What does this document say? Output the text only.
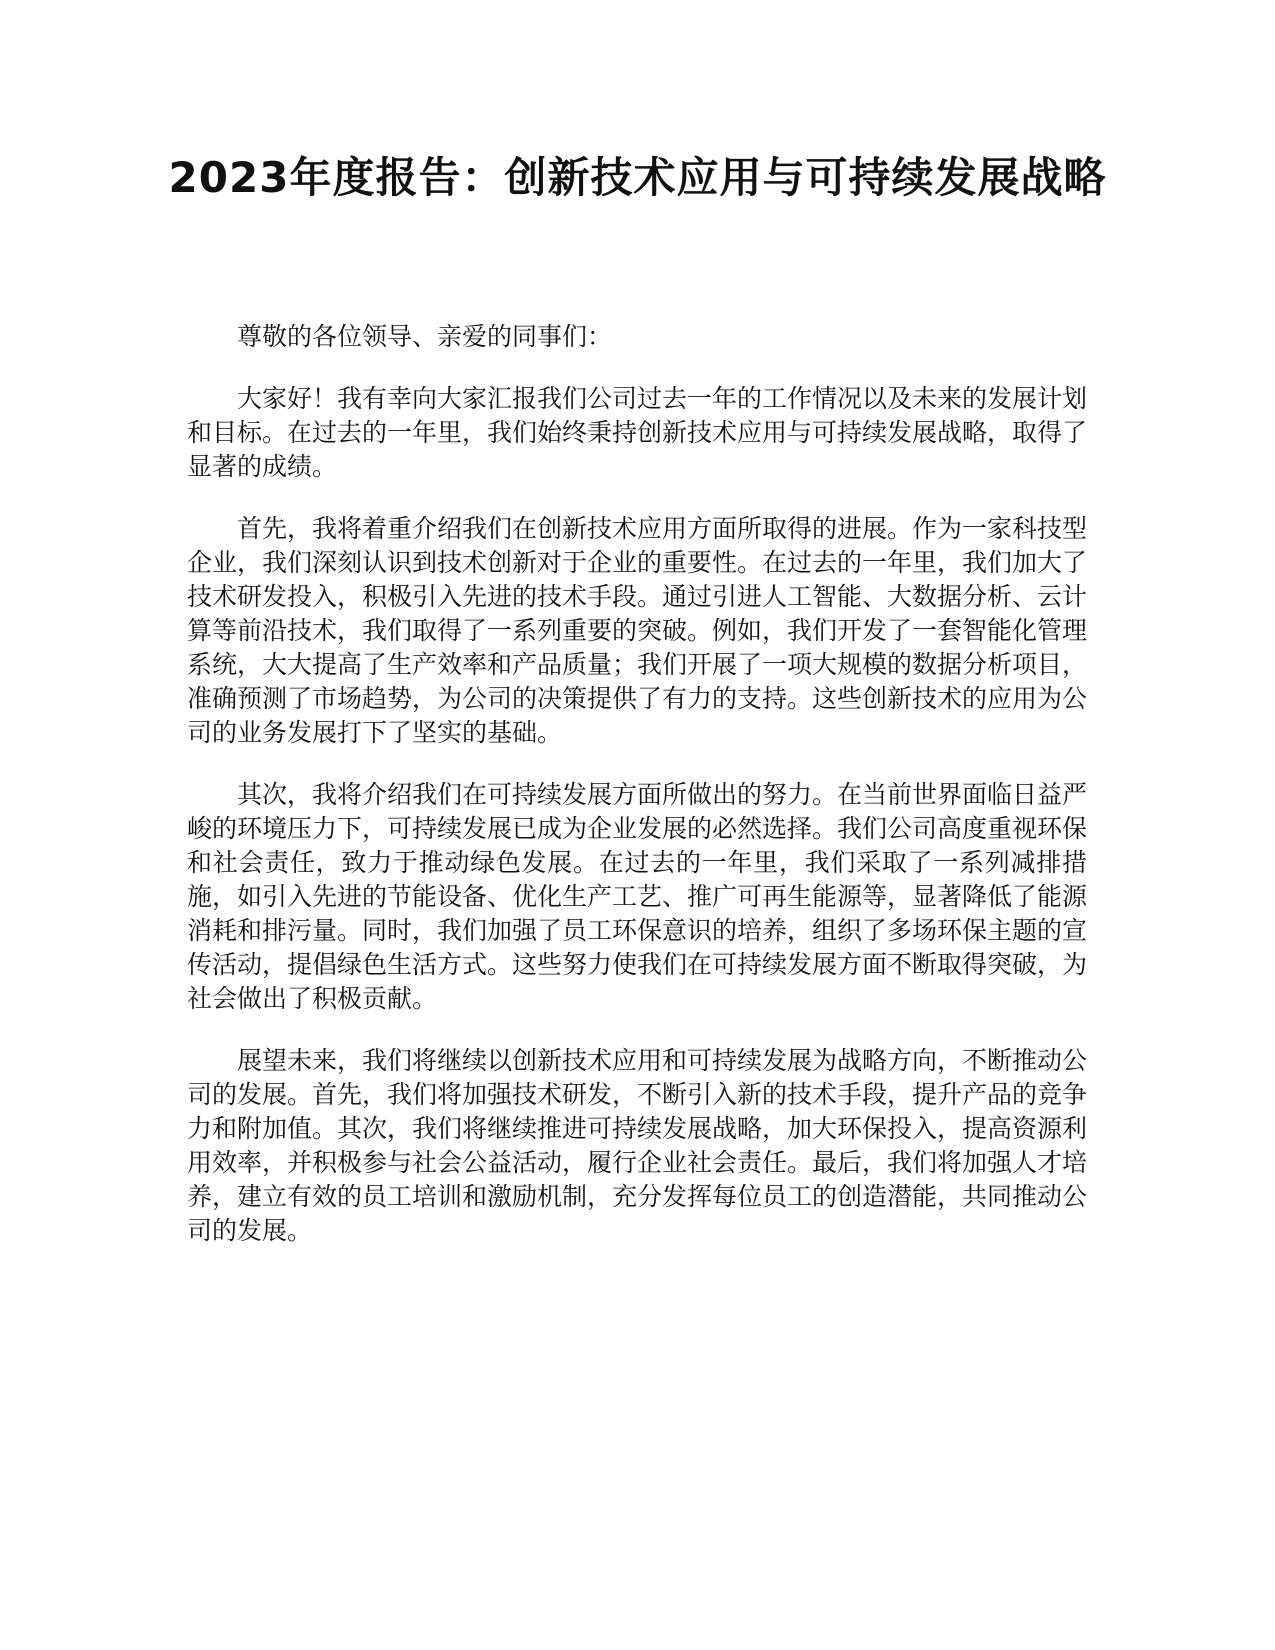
2023年度报告：创新技术应用与可持续发展战略

尊敬的各位领导、亲爱的同事们：

大家好！我有幸向大家汇报我们公司过去一年的工作情况以及未来的发展计划和目标。在过去的一年里，我们始终秉持创新技术应用与可持续发展战略，取得了显著的成绩。

首先，我将着重介绍我们在创新技术应用方面所取得的进展。作为一家科技型企业，我们深刻认识到技术创新对于企业的重要性。在过去的一年里，我们加大了技术研发投入，积极引入先进的技术手段。通过引进人工智能、大数据分析、云计算等前沿技术，我们取得了一系列重要的突破。例如，我们开发了一套智能化管理系统，大大提高了生产效率和产品质量；我们开展了一项大规模的数据分析项目，准确预测了市场趋势，为公司的决策提供了有力的支持。这些创新技术的应用为公司的业务发展打下了坚实的基础。

其次，我将介绍我们在可持续发展方面所做出的努力。在当前世界面临日益严峻的环境压力下，可持续发展已成为企业发展的必然选择。我们公司高度重视环保和社会责任，致力于推动绿色发展。在过去的一年里，我们采取了一系列减排措施，如引入先进的节能设备、优化生产工艺、推广可再生能源等，显著降低了能源消耗和排污量。同时，我们加强了员工环保意识的培养，组织了多场环保主题的宣传活动，提倡绿色生活方式。这些努力使我们在可持续发展方面不断取得突破，为社会做出了积极贡献。

展望未来，我们将继续以创新技术应用和可持续发展为战略方向，不断推动公司的发展。首先，我们将加强技术研发，不断引入新的技术手段，提升产品的竞争力和附加值。其次，我们将继续推进可持续发展战略，加大环保投入，提高资源利用效率，并积极参与社会公益活动，履行企业社会责任。最后，我们将加强人才培养，建立有效的员工培训和激励机制，充分发挥每位员工的创造潜能，共同推动公司的发展。
